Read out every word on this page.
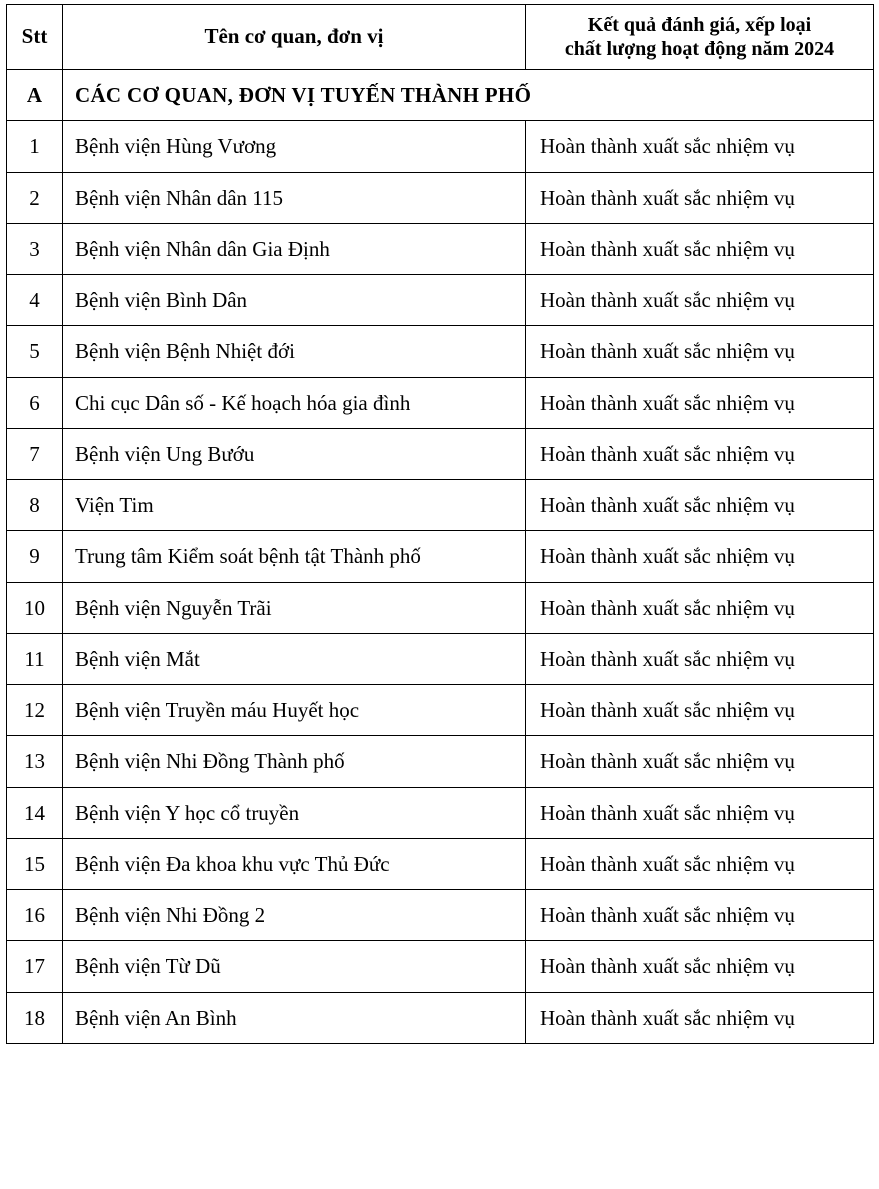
Stt	Tên cơ quan, đơn vị	Kết quả đánh giá, xếp loại
chất lượng hoạt động năm 2024

A	CÁC CƠ QUAN, ĐƠN VỊ TUYẾN THÀNH PHỐ	
1	Bệnh viện Hùng Vương	Hoàn thành xuất sắc nhiệm vụ
2	Bệnh viện Nhân dân 115	Hoàn thành xuất sắc nhiệm vụ
3	Bệnh viện Nhân dân Gia Định	Hoàn thành xuất sắc nhiệm vụ
4	Bệnh viện Bình Dân	Hoàn thành xuất sắc nhiệm vụ
5	Bệnh viện Bệnh Nhiệt đới	Hoàn thành xuất sắc nhiệm vụ
6	Chi cục Dân số - Kế hoạch hóa gia đình	Hoàn thành xuất sắc nhiệm vụ
7	Bệnh viện Ung Bướu	Hoàn thành xuất sắc nhiệm vụ
8	Viện Tim	Hoàn thành xuất sắc nhiệm vụ
9	Trung tâm Kiểm soát bệnh tật Thành phố	Hoàn thành xuất sắc nhiệm vụ
10	Bệnh viện Nguyễn Trãi	Hoàn thành xuất sắc nhiệm vụ
11	Bệnh viện Mắt	Hoàn thành xuất sắc nhiệm vụ
12	Bệnh viện Truyền máu Huyết học	Hoàn thành xuất sắc nhiệm vụ
13	Bệnh viện Nhi Đồng Thành phố	Hoàn thành xuất sắc nhiệm vụ
14	Bệnh viện Y học cổ truyền	Hoàn thành xuất sắc nhiệm vụ
15	Bệnh viện Đa khoa khu vực Thủ Đức	Hoàn thành xuất sắc nhiệm vụ
16	Bệnh viện Nhi Đồng 2	Hoàn thành xuất sắc nhiệm vụ
17	Bệnh viện Từ Dũ	Hoàn thành xuất sắc nhiệm vụ
18	Bệnh viện An Bình	Hoàn thành xuất sắc nhiệm vụ
